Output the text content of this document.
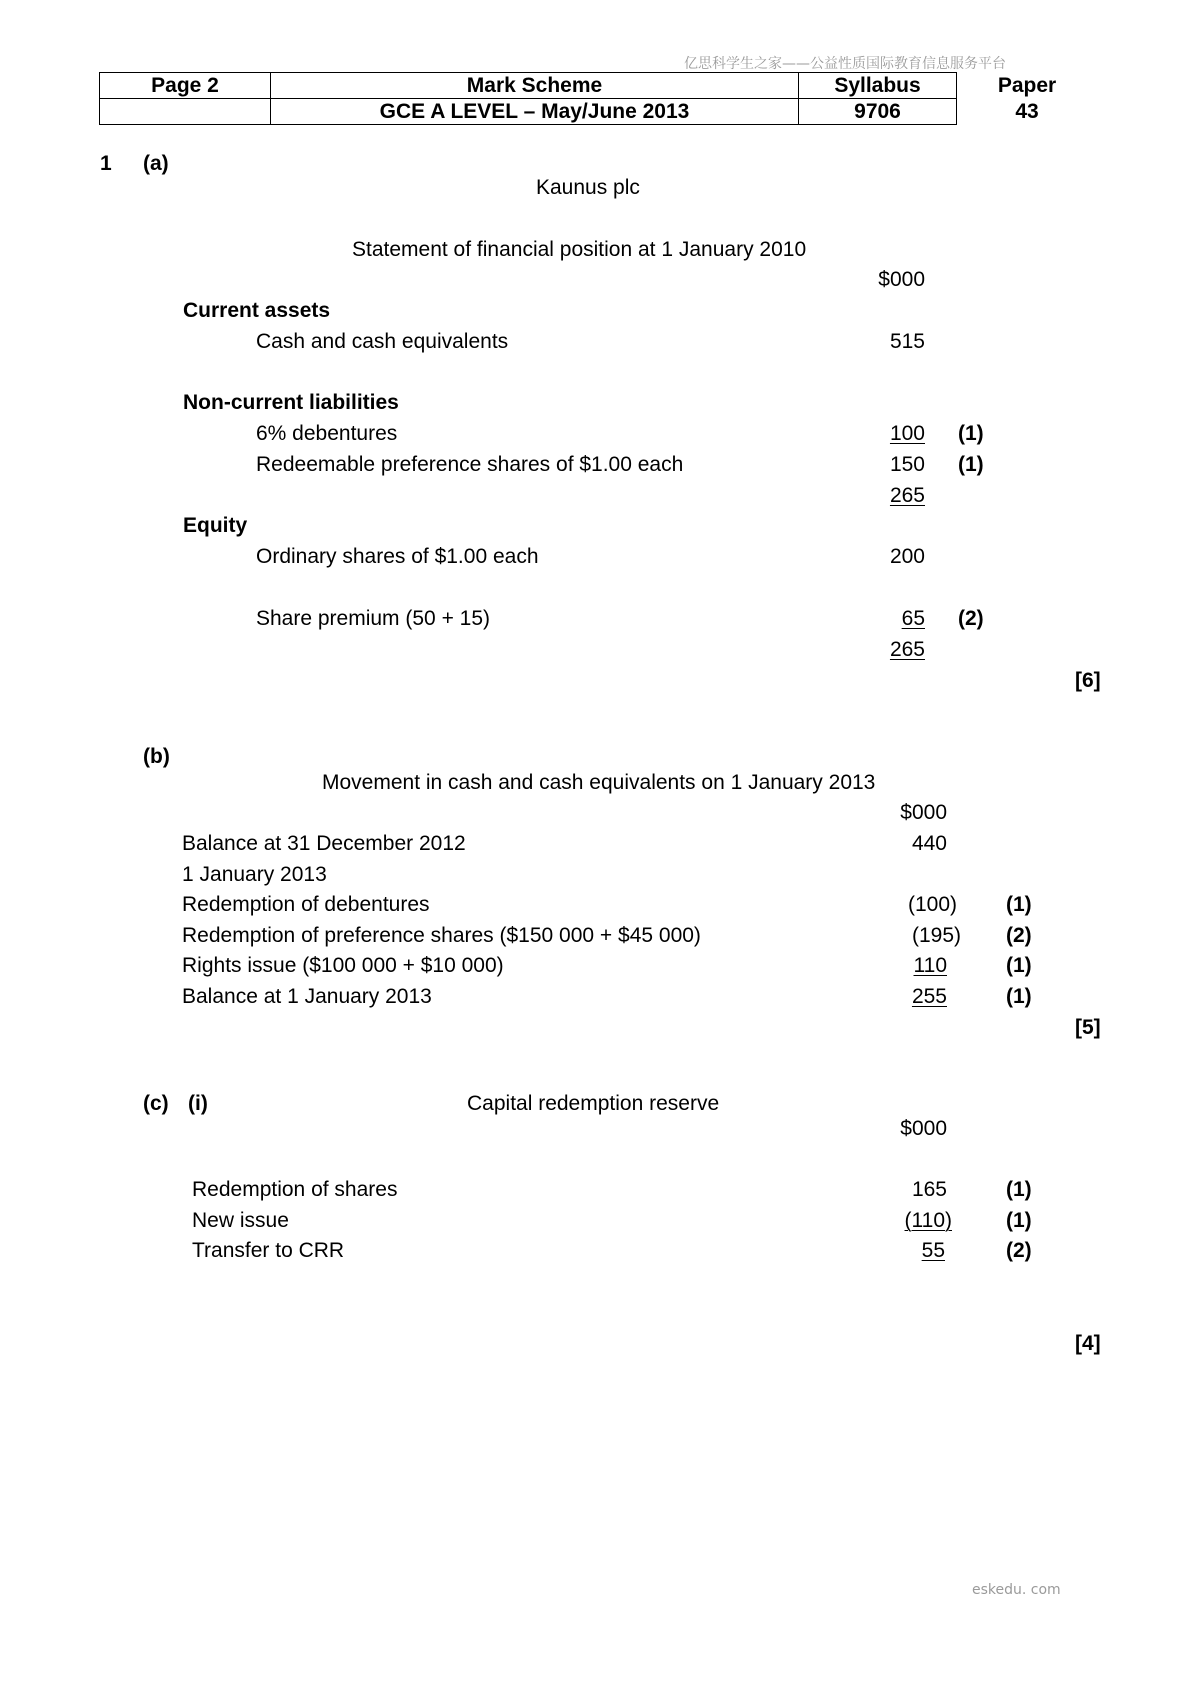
亿思科学生之家——公益性质国际教育信息服务平台
eskedu. com
Page 2	Mark Scheme	Syllabus	Paper
	GCE A LEVEL – May/June 2013	9706	43
1 (a)
Kaunus plc
Statement of financial position at 1 January 2010
$000
Current assets
Cash and cash equivalents	515
Non-current liabilities
6% debentures	100 (1)
Redeemable preference shares of $1.00 each	150 (1)
265
Equity
Ordinary shares of $1.00 each	200
Share premium (50 + 15)	65 (2)
265
[6]
(b)
Movement in cash and cash equivalents on 1 January 2013
$000
Balance at 31 December 2012	440
1 January 2013
Redemption of debentures	(100) (1)
Redemption of preference shares ($150 000 + $45 000)	(195) (2)
Rights issue ($100 000 + $10 000)	110	(1)
Balance at 1 January 2013	255	(1)
[5]
(c) (i)	Capital redemption reserve
$000
Redemption of shares	165	(1)
New issue	(110)	(1)
Transfer to CRR	55	(2)
[4]
